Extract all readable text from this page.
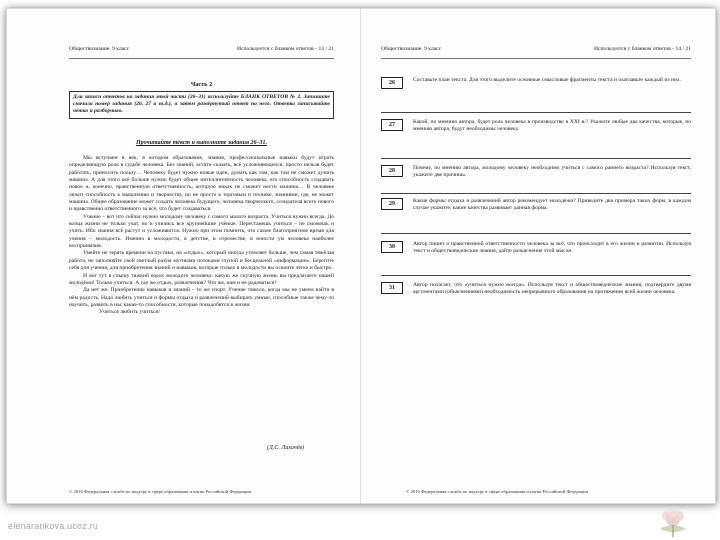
Обществознание. 9 класс	Используется с бланком ответов - 13 / 21
Часть 2
Для записи ответов на задания этой части (26–31) используйте БЛАНК ОТВЕТОВ № 2. Запишите сначала номер задания (26, 27 и т.д.), а затем развёрнутый ответ на него. Ответы записывайте чётко и разборчиво.
Прочитайте текст и выполните задания 26–31.

Мы вступаем в век, в котором образование, знания, профессиональные навыки будут играть определяющую роль в судьбе человека. Без знаний, кстати сказать, всё усложняющихся, просто нельзя будет работать, приносить пользу… Человеку будет нужно новые идеи, думать как там, как там не сможет думать машина. А для этого всё больше нужно будет общее интеллигентность человека, его способность создавать новое и, конечно, нравственную ответственность, которую никак не сможет нести машина… В человеке лежит способность к мышлению и творчеству, но не просто к торговым и технике, знаниями, где, не может машина. Общее образование может создать человека будущего, человека творческого, созидателя всего нового и нравственно ответственного за всё, что будет создаваться.

Учение – вот что сейчас нужно молодому человеку с самого малого возраста. Учиться нужно всегда. До конца жизни не только учат, но и учились все крупнейшие учёные. Перестанешь учиться – не сможешь и учить. Ибо знания всё растут и усложняются. Нужно при этом помнить, что самое благоприятное время для учения – молодость. Именно в молодости, в детстве, в отрочестве, в юности ум человека наиболее восприимчив.

Умейте не терять времени на пустяки, на «отдых», который иногда утомляет больше, чем самая тяжёлая работа, не заполняйте свой светлый разум мутными потоками глупой и бесцельной «информации». Берегите себя для учения, для приобретения знаний и навыков, которые только в молодости вы освоите легко и быстро.

И вот тут я слышу тяжкий вздох молодого человека: какую же скучную жизнь вы предлагаете нашей молодёжи! Только учиться. А где же отдых, развлечения? Что же, нам и не радоваться?

Да нет же. Приобретение навыков и знаний – то же спорт. Учение тяжело, когда мы не умеем найти в нём радость. Надо любить учиться и формы отдыха и развлечений выбирать умные, способные также чему-то научить, развить в нас какие-то способности, которые понадобятся в жизни.

Учиться любить учиться!

(Д.С. Лихачёв)
© 2016 Федеральная служба по надзору в сфере образования и науки Российской Федерации
Обществознание. 9 класс	Используется с бланком ответов - 14 / 21
26	Составьте план текста. Для этого выделите основные смысловые фрагменты текста и озаглавьте каждый из них.
27	Какой, по мнению автора, будет роль человека в производстве в XXI в.? Укажите любые два качества, которые, по мнению автора, будут необходимы человеку.
28	Почему, по мнению автора, молодому человеку необходимо учиться с самого раннего возраста? Используя текст, укажите две причины.
29	Какие формы отдыха и развлечений автор рекомендует молодёжи? Приведите два примера таких форм, в каждом случае укажите, какие качества развивает данная форма.
30	Автор пишет о нравственной ответственности человека за всё, что происходит в его жизни и развитии. Используя текст и обществоведческие знания, дайте разъяснение этой мысли.
31	Автор полагает, что «учиться нужно всегда». Используя текст и обществоведческие знания, подтвердите двумя аргументами (объяснениями) необходимость непрерывного образования на протяжении всей жизни человека.
© 2016 Федеральная служба по надзору в сфере образования и науки Российской Федерации
elenarankova.ucoz.ru
